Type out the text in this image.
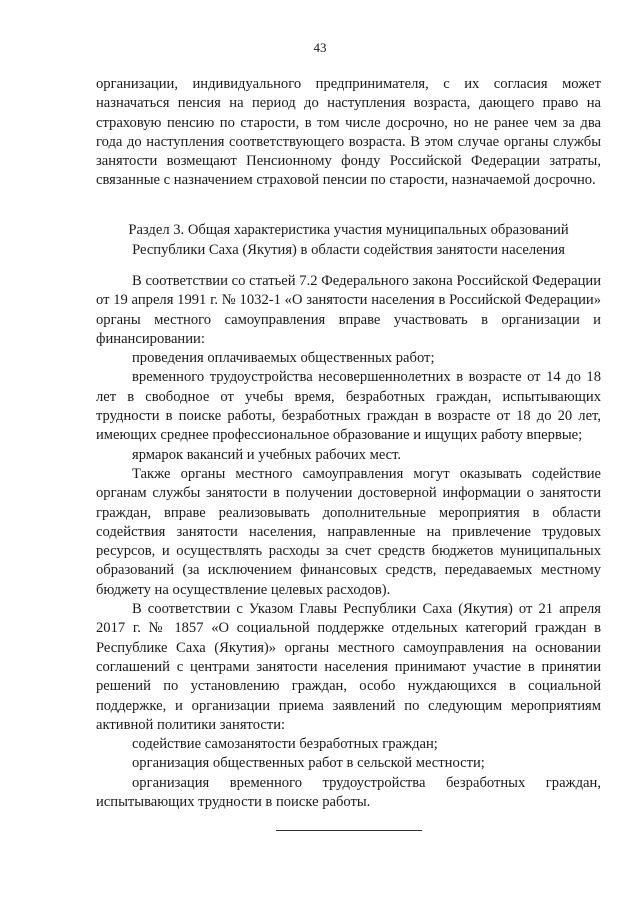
43

организации, индивидуального предпринимателя, с их согласия может назначаться пенсия на период до наступления возраста, дающего право на страховую пенсию по старости, в том числе досрочно, но не ранее чем за два года до наступления соответствующего возраста. В этом случае органы службы занятости возмещают Пенсионному фонду Российской Федерации затраты, связанные с назначением страховой пенсии по старости, назначаемой досрочно.

Раздел 3. Общая характеристика участия муниципальных образований
Республики Саха (Якутия) в области содействия занятости населения

В соответствии со статьей 7.2 Федерального закона Российской Федерации от 19 апреля 1991 г. № 1032-1 «О занятости населения в Российской Федерации» органы местного самоуправления вправе участвовать в организации и финансировании:

проведения оплачиваемых общественных работ;

временного трудоустройства несовершеннолетних в возрасте от 14 до 18 лет в свободное от учебы время, безработных граждан, испытывающих трудности в поиске работы, безработных граждан в возрасте от 18 до 20 лет, имеющих среднее профессиональное образование и ищущих работу впервые;

ярмарок вакансий и учебных рабочих мест.

Также органы местного самоуправления могут оказывать содействие органам службы занятости в получении достоверной информации о занятости граждан, вправе реализовывать дополнительные мероприятия в области содействия занятости населения, направленные на привлечение трудовых ресурсов, и осуществлять расходы за счет средств бюджетов муниципальных образований (за исключением финансовых средств, передаваемых местному бюджету на осуществление целевых расходов).

В соответствии с Указом Главы Республики Саха (Якутия) от 21 апреля 2017 г. № 1857 «О социальной поддержке отдельных категорий граждан в Республике Саха (Якутия)» органы местного самоуправления на основании соглашений с центрами занятости населения принимают участие в принятии решений по установлению граждан, особо нуждающихся в социальной поддержке, и организации приема заявлений по следующим мероприятиям активной политики занятости:

содействие самозанятости безработных граждан;

организация общественных работ в сельской местности;

организация временного трудоустройства безработных граждан, испытывающих трудности в поиске работы.
